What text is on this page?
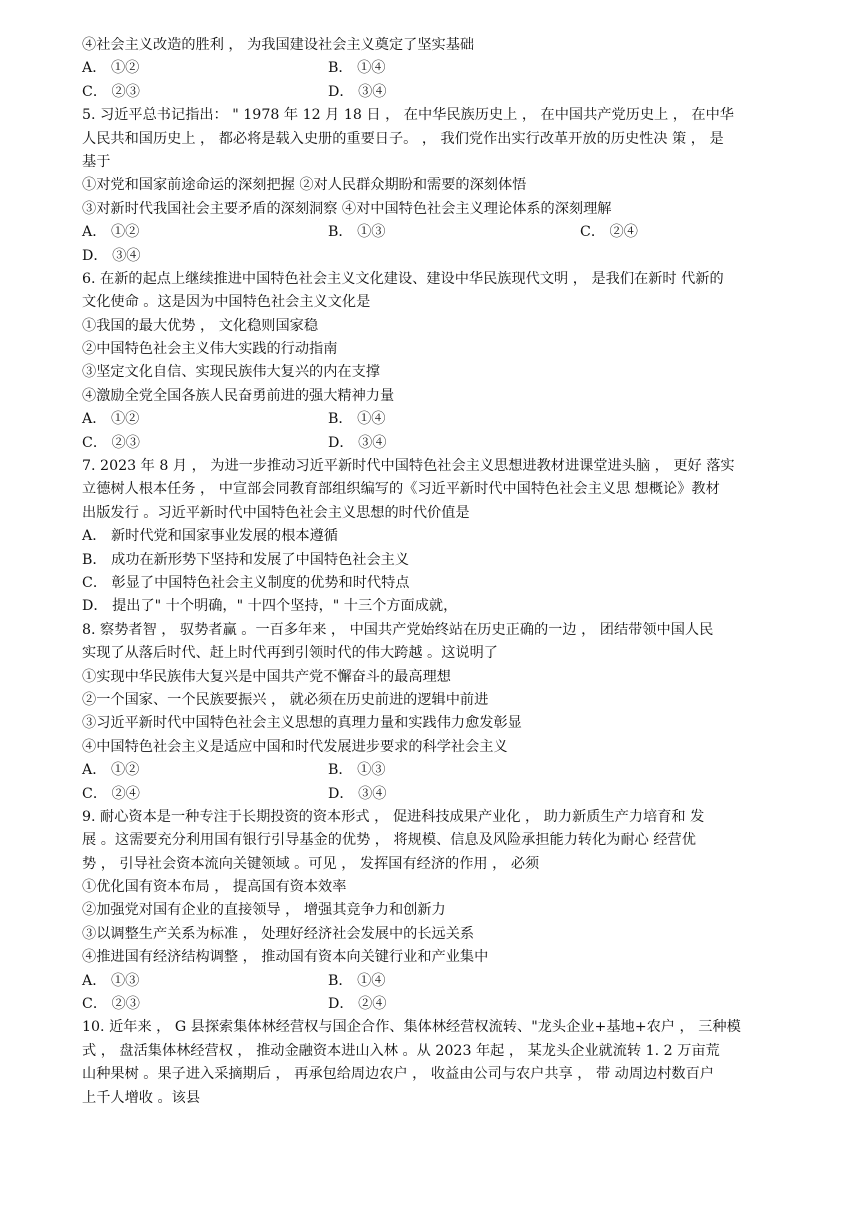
④社会主义改造的胜利 ， 为我国建设社会主义奠定了坚实基础
A． ①②	B． ①④
C． ②③	D． ③④
5. 习近平总书记指出： " 1978 年 12 月 18 日 ， 在中华民族历史上 ， 在中国共产党历史上 ， 在中华
人民共和国历史上 ， 都必将是载入史册的重要日子。 ， 我们党作出实行改革开放的历史性决 策 ， 是
基于
①对党和国家前途命运的深刻把握 ②对人民群众期盼和需要的深刻体悟
③对新时代我国社会主要矛盾的深刻洞察 ④对中国特色社会主义理论体系的深刻理解
A． ①②	B． ①③	C． ②④
D． ③④
6. 在新的起点上继续推进中国特色社会主义文化建设、建设中华民族现代文明 ， 是我们在新时 代新的
文化使命 。这是因为中国特色社会主义文化是
①我国的最大优势 ， 文化稳则国家稳
②中国特色社会主义伟大实践的行动指南
③坚定文化自信、实现民族伟大复兴的内在支撑
④激励全党全国各族人民奋勇前进的强大精神力量
A． ①②	B． ①④
C． ②③	D． ③④
7. 2023 年 8 月 ， 为进一步推动习近平新时代中国特色社会主义思想进教材进课堂进头脑 ， 更好 落实
立德树人根本任务 ， 中宣部会同教育部组织编写的《习近平新时代中国特色社会主义思 想概论》教材
出版发行 。习近平新时代中国特色社会主义思想的时代价值是
A． 新时代党和国家事业发展的根本遵循
B． 成功在新形势下坚持和发展了中国特色社会主义
C． 彰显了中国特色社会主义制度的优势和时代特点
D． 提出了" 十个明确，" 十四个坚持，" 十三个方面成就，
8. 察势者智 ， 驭势者赢 。一百多年来 ， 中国共产党始终站在历史正确的一边 ， 团结带领中国人民
实现了从落后时代、赶上时代再到引领时代的伟大跨越 。这说明了
①实现中华民族伟大复兴是中国共产党不懈奋斗的最高理想
②一个国家、一个民族要振兴 ， 就必须在历史前进的逻辑中前进
③习近平新时代中国特色社会主义思想的真理力量和实践伟力愈发彰显
④中国特色社会主义是适应中国和时代发展进步要求的科学社会主义
A． ①②	B． ①③
C． ②④	D． ③④
9. 耐心资本是一种专注于长期投资的资本形式 ， 促进科技成果产业化 ， 助力新质生产力培育和 发
展 。这需要充分利用国有银行引导基金的优势 ， 将规模、信息及风险承担能力转化为耐心 经营优
势 ， 引导社会资本流向关键领域 。可见 ， 发挥国有经济的作用 ， 必须
①优化国有资本布局 ， 提高国有资本效率
②加强党对国有企业的直接领导 ， 增强其竞争力和创新力
③以调整生产关系为标准 ， 处理好经济社会发展中的长远关系
④推进国有经济结构调整 ， 推动国有资本向关键行业和产业集中
A． ①③	B． ①④
C． ②③	D． ②④
10. 近年来 ， G 县探索集体林经营权与国企合作、集体林经营权流转、"龙头企业+基地+农户 ， 三种模
式 ， 盘活集体林经营权 ， 推动金融资本进山入林 。从 2023 年起 ， 某龙头企业就流转 1. 2 万亩荒
山种果树 。果子进入采摘期后 ， 再承包给周边农户 ， 收益由公司与农户共享 ， 带 动周边村数百户
上千人增收 。该县
